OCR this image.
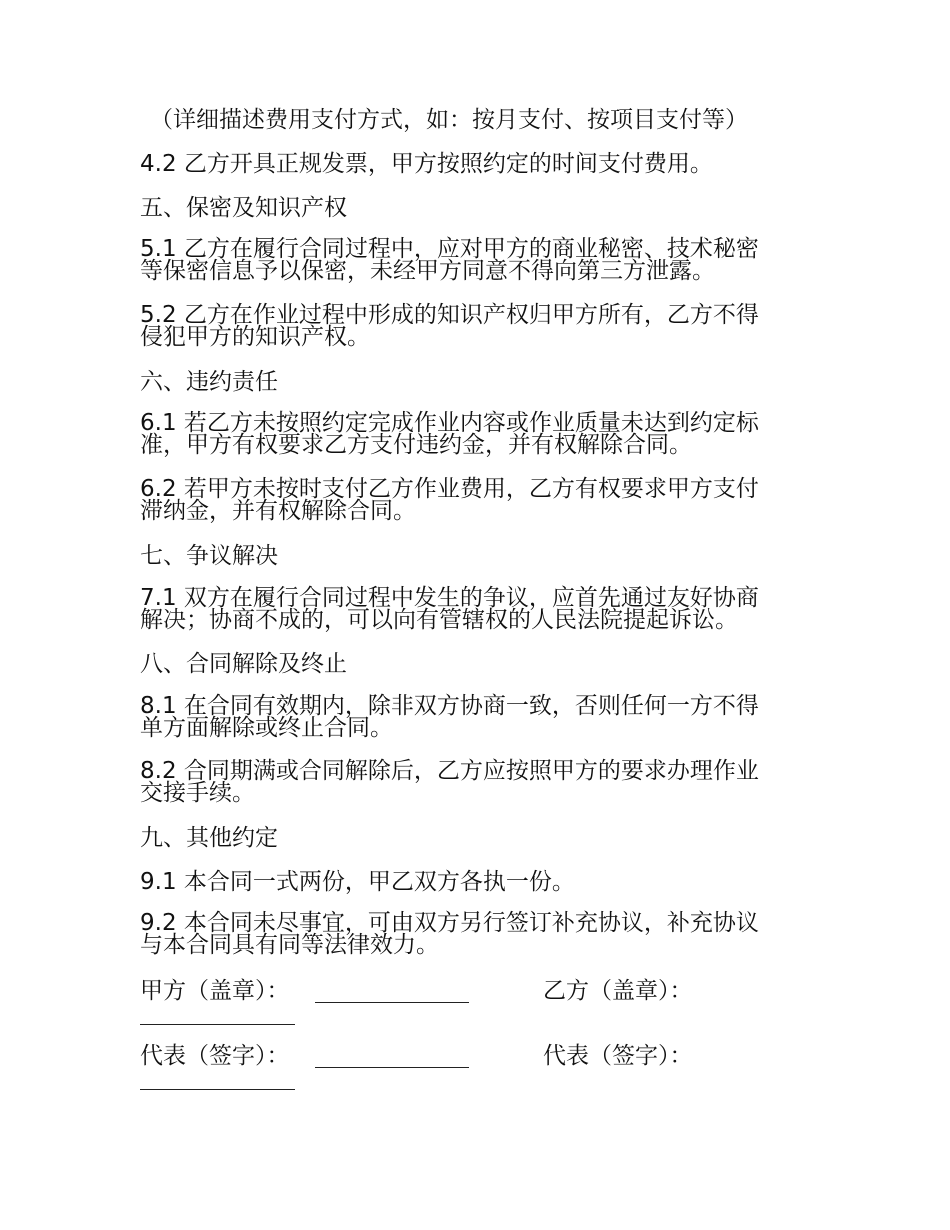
（详细描述费用支付方式，如：按月支付、按项目支付等）
4.2 乙方开具正规发票，甲方按照约定的时间支付费用。
五、保密及知识产权
5.1 乙方在履行合同过程中，应对甲方的商业秘密、技术秘密
等保密信息予以保密，未经甲方同意不得向第三方泄露。
5.2 乙方在作业过程中形成的知识产权归甲方所有，乙方不得
侵犯甲方的知识产权。
六、违约责任
6.1 若乙方未按照约定完成作业内容或作业质量未达到约定标
准，甲方有权要求乙方支付违约金，并有权解除合同。
6.2 若甲方未按时支付乙方作业费用，乙方有权要求甲方支付
滞纳金，并有权解除合同。
七、争议解决
7.1 双方在履行合同过程中发生的争议，应首先通过友好协商
解决；协商不成的，可以向有管辖权的人民法院提起诉讼。
八、合同解除及终止
8.1 在合同有效期内，除非双方协商一致，否则任何一方不得
单方面解除或终止合同。
8.2 合同期满或合同解除后，乙方应按照甲方的要求办理作业
交接手续。
九、其他约定
9.1 本合同一式两份，甲乙双方各执一份。
9.2 本合同未尽事宜，可由双方另行签订补充协议，补充协议
与本合同具有同等法律效力。
甲方（盖章）：	乙方（盖章）：
代表（签字）：	代表（签字）：
